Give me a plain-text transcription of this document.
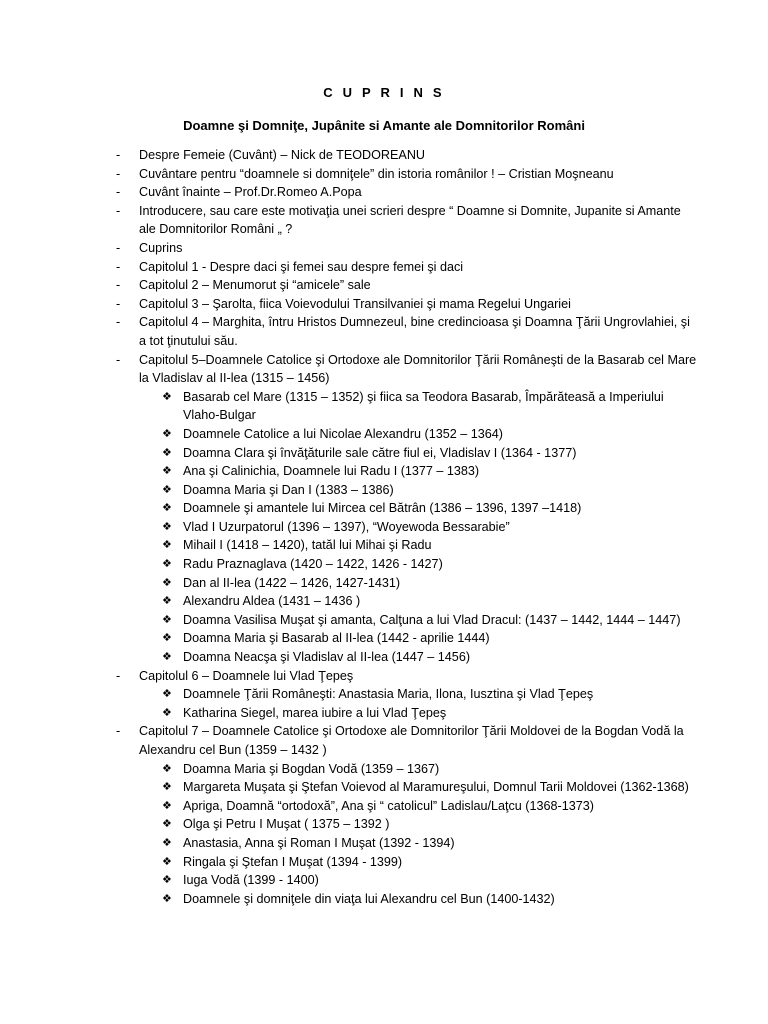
C U P R I N S
Doamne şi Domniţe, Jupânite si Amante ale Domnitorilor Români
- Despre Femeie (Cuvânt) – Nick de TEODOREANU
- Cuvântare pentru “doamnele si domniţele” din istoria românilor ! – Cristian Moşneanu
- Cuvânt înainte – Prof.Dr.Romeo A.Popa
- Introducere, sau care este motivaţia unei scrieri despre “ Doamne si Domnite, Jupanite si Amante ale Domnitorilor Români „ ?
- Cuprins
- Capitolul 1 - Despre daci şi femei sau despre femei şi daci
- Capitolul 2 – Menumorut şi “amicele” sale
- Capitolul 3 – Şarolta, fiica Voievodului Transilvaniei şi mama Regelui Ungariei
- Capitolul 4 – Marghita, întru Hristos Dumnezeul, bine credincioasa şi Doamna Ţării Ungrovlahiei, şi a tot ţinutului său.
- Capitolul 5–Doamnele Catolice şi Ortodoxe ale Domnitorilor Ţării Româneşti de la Basarab cel Mare la Vladislav al II-lea (1315 – 1456)
❖ Basarab cel Mare (1315 – 1352) şi fiica sa Teodora Basarab, Împărăteasă a Imperiului Vlaho-Bulgar
❖ Doamnele Catolice a lui Nicolae Alexandru (1352 – 1364)
❖ Doamna Clara şi învăţăturile sale către fiul ei, Vladislav I (1364 - 1377)
❖ Ana şi Calinichia, Doamnele lui Radu I (1377 – 1383)
❖ Doamna Maria şi Dan I (1383 – 1386)
❖ Doamnele şi amantele lui Mircea cel Bătrân (1386 – 1396, 1397 –1418)
❖ Vlad I Uzurpatorul (1396 – 1397), “Woyewoda Bessarabie”
❖ Mihail I (1418 – 1420), tatăl lui Mihai şi Radu
❖ Radu Praznaglava (1420 – 1422, 1426 - 1427)
❖ Dan al II-lea (1422 – 1426, 1427-1431)
❖ Alexandru Aldea (1431 – 1436 )
❖ Doamna Vasilisa Muşat şi amanta, Calţuna a lui Vlad Dracul: (1437 – 1442, 1444 – 1447)
❖ Doamna Maria şi Basarab al II-lea (1442 - aprilie 1444)
❖ Doamna Neacşa şi Vladislav al II-lea (1447 – 1456)
- Capitolul 6 – Doamnele lui Vlad Ţepeş
❖ Doamnele Ţării Româneşti: Anastasia Maria, Ilona, Iusztina şi Vlad Ţepeş
❖ Katharina Siegel, marea iubire a lui Vlad Ţepeş
- Capitolul 7 – Doamnele Catolice şi Ortodoxe ale Domnitorilor Ţării Moldovei de la Bogdan Vodă la Alexandru cel Bun (1359 – 1432 )
❖ Doamna Maria şi Bogdan Vodă (1359 – 1367)
❖ Margareta Muşata şi Ştefan Voievod al Maramureşului, Domnul Tarii Moldovei (1362-1368)
❖ Apriga, Doamnă “ortodoxă”, Ana şi “ catolicul” Ladislau/Laţcu (1368-1373)
❖ Olga şi Petru I Muşat ( 1375 – 1392 )
❖ Anastasia, Anna şi Roman I Muşat (1392 - 1394)
❖ Ringala şi Ştefan I Muşat (1394 - 1399)
❖ Iuga Vodă (1399 - 1400)
❖ Doamnele şi domniţele din viaţa lui Alexandru cel Bun (1400-1432)
